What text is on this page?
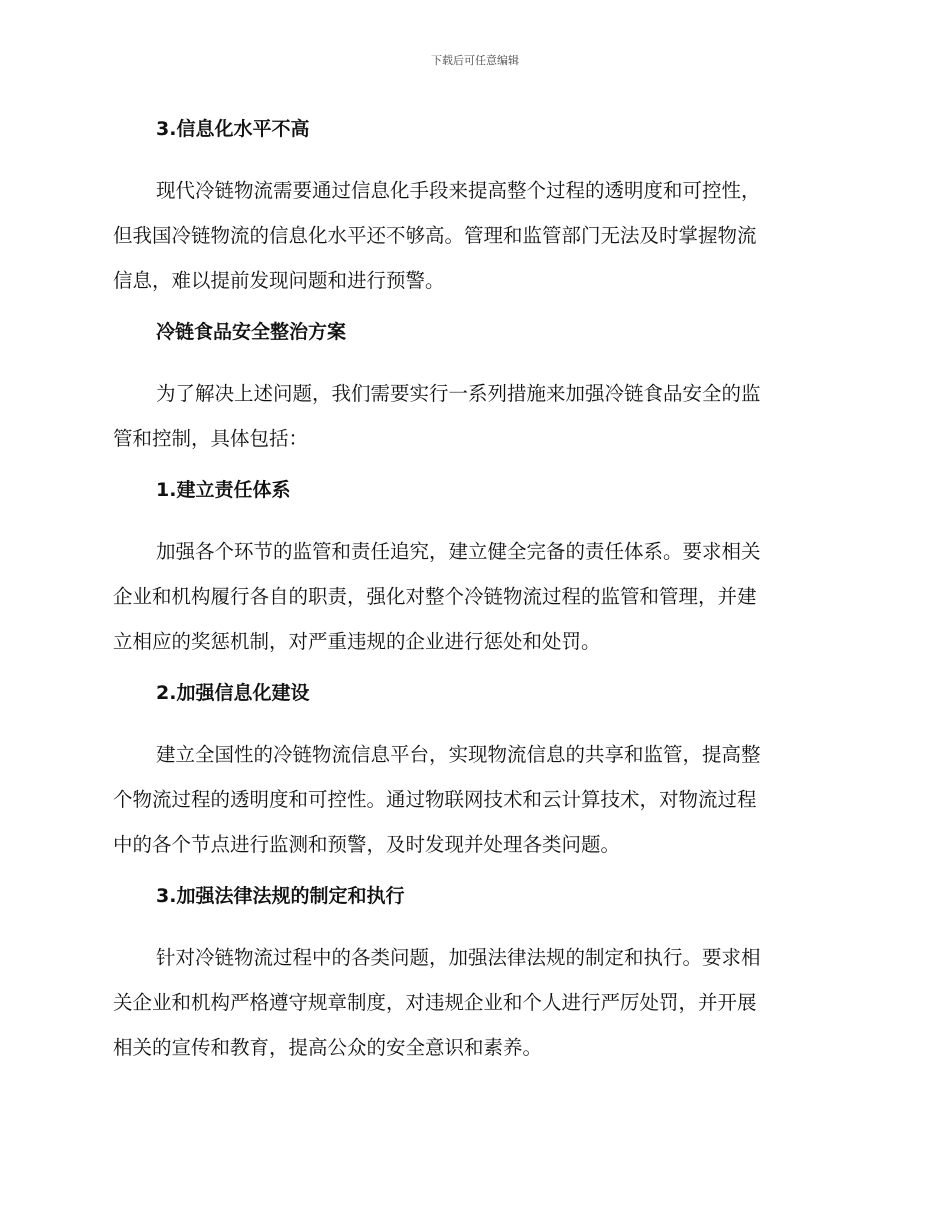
下载后可任意编辑
3.信息化水平不高
现代冷链物流需要通过信息化手段来提高整个过程的透明度和可控性，
但我国冷链物流的信息化水平还不够高。管理和监管部门无法及时掌握物流
信息，难以提前发现问题和进行预警。
冷链食品安全整治方案
为了解决上述问题，我们需要实行一系列措施来加强冷链食品安全的监
管和控制，具体包括：
1.建立责任体系
加强各个环节的监管和责任追究，建立健全完备的责任体系。要求相关
企业和机构履行各自的职责，强化对整个冷链物流过程的监管和管理，并建
立相应的奖惩机制，对严重违规的企业进行惩处和处罚。
2.加强信息化建设
建立全国性的冷链物流信息平台，实现物流信息的共享和监管，提高整
个物流过程的透明度和可控性。通过物联网技术和云计算技术，对物流过程
中的各个节点进行监测和预警，及时发现并处理各类问题。
3.加强法律法规的制定和执行
针对冷链物流过程中的各类问题，加强法律法规的制定和执行。要求相
关企业和机构严格遵守规章制度，对违规企业和个人进行严厉处罚，并开展
相关的宣传和教育，提高公众的安全意识和素养。
